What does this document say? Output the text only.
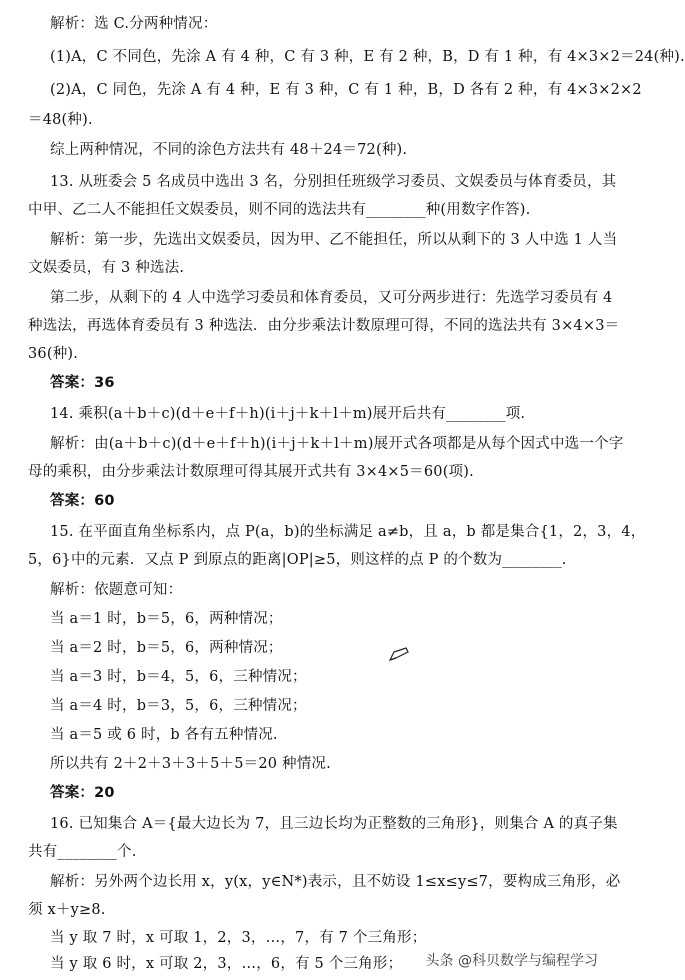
解析：选 C.分两种情况：
(1)A，C 不同色，先涂 A 有 4 种，C 有 3 种，E 有 2 种，B，D 有 1 种，有 4×3×2＝24(种).
(2)A，C 同色，先涂 A 有 4 种，E 有 3 种，C 有 1 种，B，D 各有 2 种，有 4×3×2×2
＝48(种).
综上两种情况，不同的涂色方法共有 48＋24＝72(种).
13. 从班委会 5 名成员中选出 3 名，分别担任班级学习委员、文娱委员与体育委员，其
中甲、乙二人不能担任文娱委员，则不同的选法共有________种(用数字作答).
解析：第一步，先选出文娱委员，因为甲、乙不能担任，所以从剩下的 3 人中选 1 人当
文娱委员，有 3 种选法.
第二步，从剩下的 4 人中选学习委员和体育委员，又可分两步进行：先选学习委员有 4
种选法，再选体育委员有 3 种选法．由分步乘法计数原理可得，不同的选法共有 3×4×3＝
36(种).
答案：36
14. 乘积(a＋b＋c)(d＋e＋f＋h)(i＋j＋k＋l＋m)展开后共有________项.
解析：由(a＋b＋c)(d＋e＋f＋h)(i＋j＋k＋l＋m)展开式各项都是从每个因式中选一个字
母的乘积，由分步乘法计数原理可得其展开式共有 3×4×5＝60(项).
答案：60
15. 在平面直角坐标系内，点 P(a，b)的坐标满足 a≠b，且 a，b 都是集合{1，2，3，4，
5，6}中的元素．又点 P 到原点的距离|OP|≥5，则这样的点 P 的个数为________.
解析：依题意可知：
当 a＝1 时，b＝5，6，两种情况；
当 a＝2 时，b＝5，6，两种情况；
当 a＝3 时，b＝4，5，6，三种情况；
当 a＝4 时，b＝3，5，6，三种情况；
当 a＝5 或 6 时，b 各有五种情况.
所以共有 2＋2＋3＋3＋5＋5＝20 种情况.
答案：20
16. 已知集合 A＝{最大边长为 7，且三边长均为正整数的三角形}，则集合 A 的真子集
共有________个.
解析：另外两个边长用 x，y(x，y∈N*)表示，且不妨设 1≤x≤y≤7，要构成三角形，必
须 x＋y≥8.
当 y 取 7 时，x 可取 1，2，3，…，7，有 7 个三角形；
当 y 取 6 时，x 可取 2，3，…，6，有 5 个三角形；	头条 @科贝数学与编程学习
